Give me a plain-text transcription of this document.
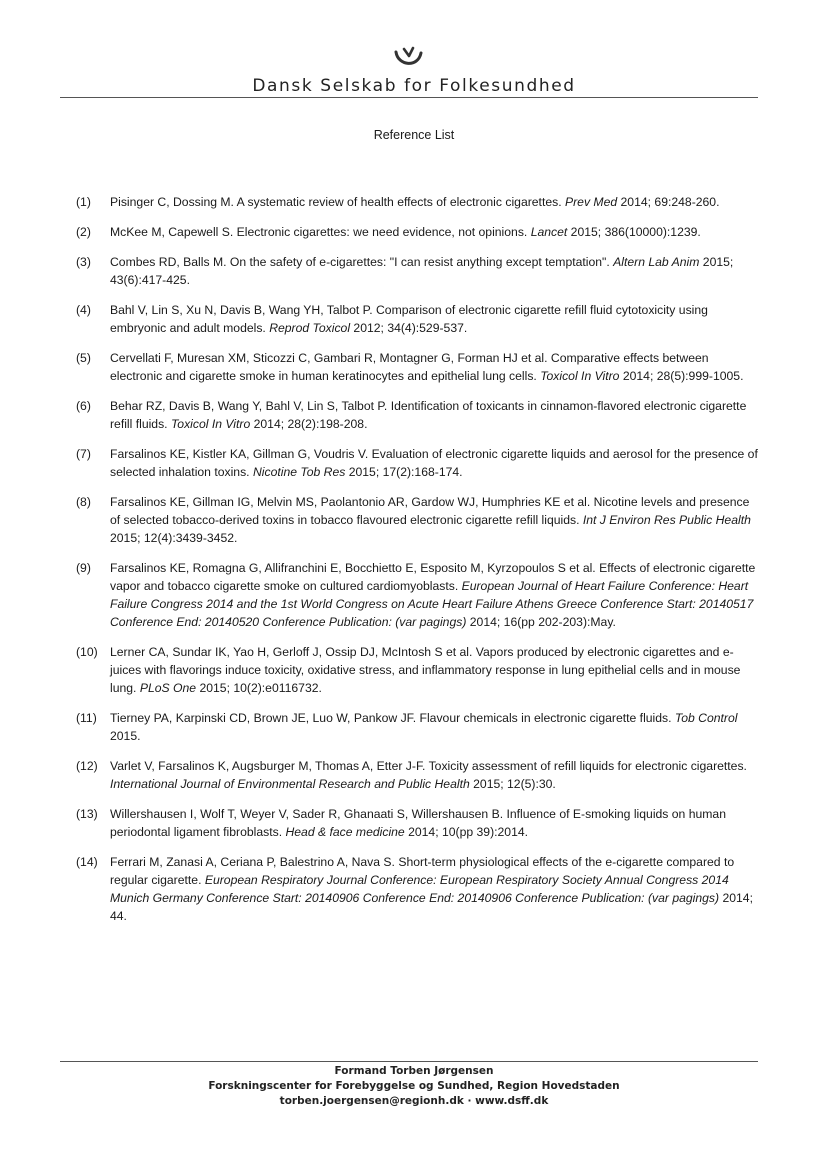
Dansk Selskab for Folkesundhed
Reference List
(1)	Pisinger C, Dossing M. A systematic review of health effects of electronic cigarettes. Prev Med 2014; 69:248-260.
(2)	McKee M, Capewell S. Electronic cigarettes: we need evidence, not opinions. Lancet 2015; 386(10000):1239.
(3)	Combes RD, Balls M. On the safety of e-cigarettes: "I can resist anything except temptation". Altern Lab Anim 2015; 43(6):417-425.
(4)	Bahl V, Lin S, Xu N, Davis B, Wang YH, Talbot P. Comparison of electronic cigarette refill fluid cytotoxicity using embryonic and adult models. Reprod Toxicol 2012; 34(4):529-537.
(5)	Cervellati F, Muresan XM, Sticozzi C, Gambari R, Montagner G, Forman HJ et al. Comparative effects between electronic and cigarette smoke in human keratinocytes and epithelial lung cells. Toxicol In Vitro 2014; 28(5):999-1005.
(6)	Behar RZ, Davis B, Wang Y, Bahl V, Lin S, Talbot P. Identification of toxicants in cinnamon-flavored electronic cigarette refill fluids. Toxicol In Vitro 2014; 28(2):198-208.
(7)	Farsalinos KE, Kistler KA, Gillman G, Voudris V. Evaluation of electronic cigarette liquids and aerosol for the presence of selected inhalation toxins. Nicotine Tob Res 2015; 17(2):168-174.
(8)	Farsalinos KE, Gillman IG, Melvin MS, Paolantonio AR, Gardow WJ, Humphries KE et al. Nicotine levels and presence of selected tobacco-derived toxins in tobacco flavoured electronic cigarette refill liquids. Int J Environ Res Public Health 2015; 12(4):3439-3452.
(9)	Farsalinos KE, Romagna G, Allifranchini E, Bocchietto E, Esposito M, Kyrzopoulos S et al. Effects of electronic cigarette vapor and tobacco cigarette smoke on cultured cardiomyoblasts. European Journal of Heart Failure Conference: Heart Failure Congress 2014 and the 1st World Congress on Acute Heart Failure Athens Greece Conference Start: 20140517 Conference End: 20140520 Conference Publication: (var pagings) 2014; 16(pp 202-203):May.
(10)	Lerner CA, Sundar IK, Yao H, Gerloff J, Ossip DJ, McIntosh S et al. Vapors produced by electronic cigarettes and e-juices with flavorings induce toxicity, oxidative stress, and inflammatory response in lung epithelial cells and in mouse lung. PLoS One 2015; 10(2):e0116732.
(11)	Tierney PA, Karpinski CD, Brown JE, Luo W, Pankow JF. Flavour chemicals in electronic cigarette fluids. Tob Control 2015.
(12)	Varlet V, Farsalinos K, Augsburger M, Thomas A, Etter J-F. Toxicity assessment of refill liquids for electronic cigarettes. International Journal of Environmental Research and Public Health 2015; 12(5):30.
(13)	Willershausen I, Wolf T, Weyer V, Sader R, Ghanaati S, Willershausen B. Influence of E-smoking liquids on human periodontal ligament fibroblasts. Head & face medicine 2014; 10(pp 39):2014.
(14)	Ferrari M, Zanasi A, Ceriana P, Balestrino A, Nava S. Short-term physiological effects of the e-cigarette compared to regular cigarette. European Respiratory Journal Conference: European Respiratory Society Annual Congress 2014 Munich Germany Conference Start: 20140906 Conference End: 20140906 Conference Publication: (var pagings) 2014; 44.
Formand Torben Jørgensen
Forskningscenter for Forebyggelse og Sundhed, Region Hovedstaden
torben.joergensen@regionh.dk · www.dsff.dk
